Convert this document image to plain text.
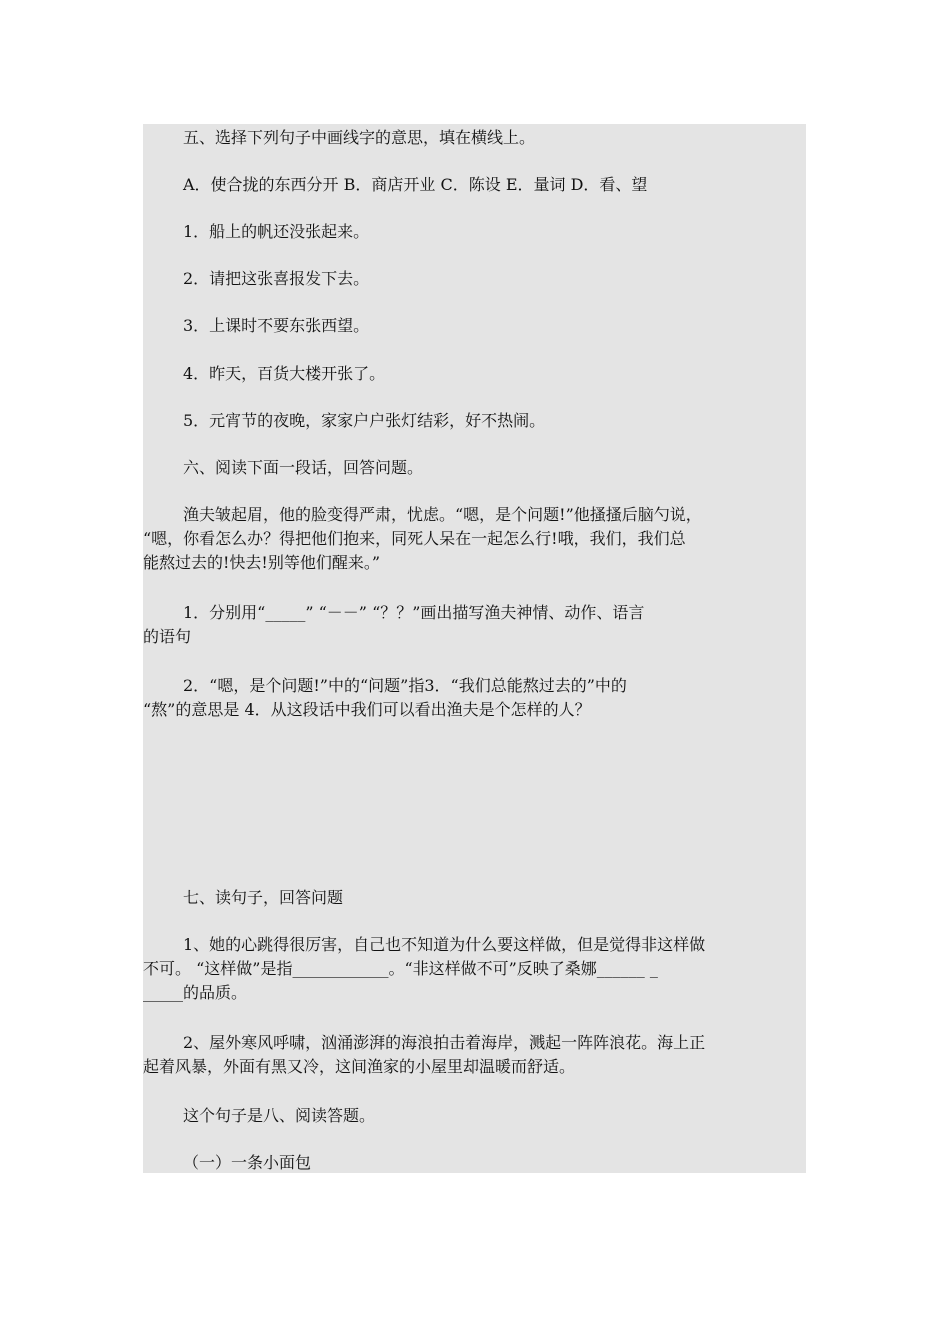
五、选择下列句子中画线字的意思，填在横线上。

A．使合拢的东西分开 B．商店开业 C．陈设 E．量词 D．看、望

1．船上的帆还没张起来。

2．请把这张喜报发下去。

3．上课时不要东张西望。

4．昨天，百货大楼开张了。

5．元宵节的夜晚，家家户户张灯结彩，好不热闹。

六、阅读下面一段话，回答问题。

渔夫皱起眉，他的脸变得严肃，忧虑。“嗯，是个问题!”他搔搔后脑勺说，
“嗯，你看怎么办？得把他们抱来，同死人呆在一起怎么行!哦，我们，我们总
能熬过去的!快去!别等他们醒来。”
1．分别用“_____” “－－” “？？”画出描写渔夫神情、动作、语言
的语句
2．“嗯，是个问题!”中的“问题”指3．“我们总能熬过去的”中的
“熬”的意思是 4．从这段话中我们可以看出渔夫是个怎样的人？

七、读句子，回答问题

1、她的心跳得很厉害，自己也不知道为什么要这样做，但是觉得非这样做
不可。 “这样做”是指____________。“非这样做不可”反映了桑娜______ _
_____的品质。
2、屋外寒风呼啸，汹涌澎湃的海浪拍击着海岸，溅起一阵阵浪花。海上正
起着风暴，外面有黑又冷，这间渔家的小屋里却温暖而舒适。

这个句子是八、阅读答题。

（一）一条小面包
